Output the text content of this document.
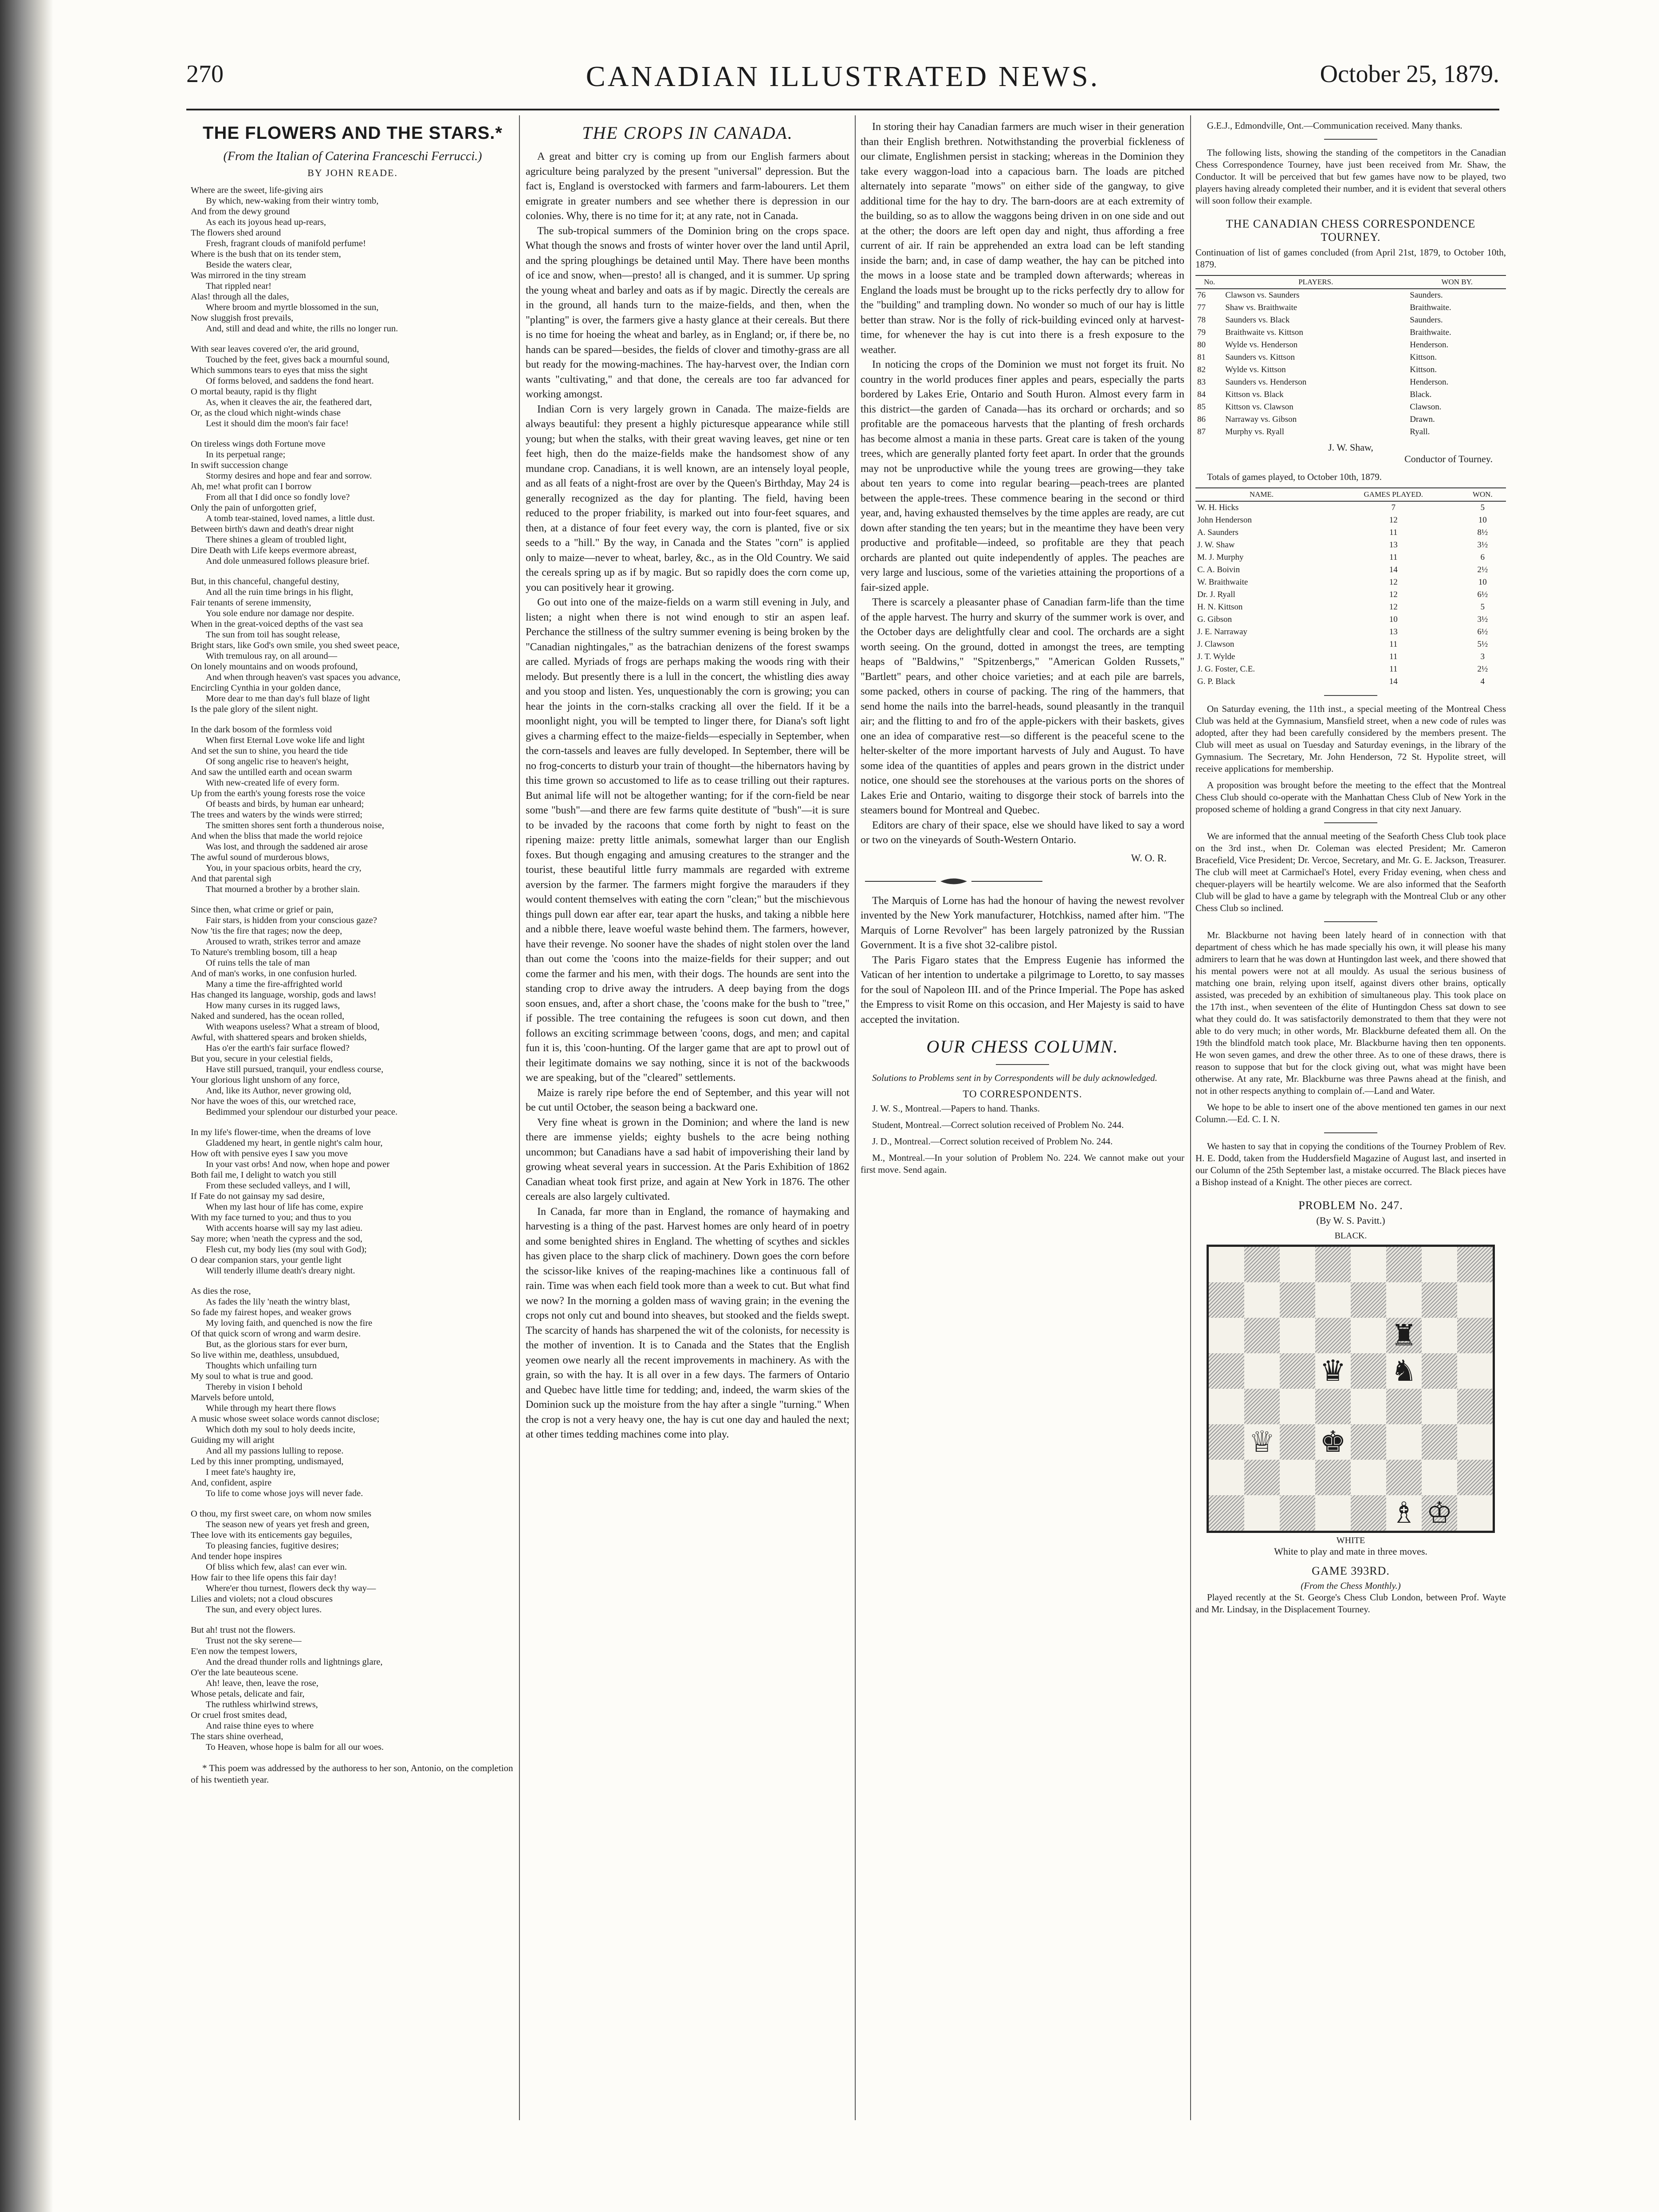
270	CANADIAN ILLUSTRATED NEWS.	October 25, 1879.
THE FLOWERS AND THE STARS.*
(From the Italian of Caterina Franceschi Ferrucci.)
BY JOHN READE.
Where are the sweet, life-giving airs
By which, new-waking from their wintry tomb,
And from the dewy ground
As each its joyous head up-rears,
The flowers shed around
Fresh, fragrant clouds of manifold perfume!
Where is the bush that on its tender stem,
Beside the waters clear,
Was mirrored in the tiny stream
That rippled near!
Alas! through all the dales,
Where broom and myrtle blossomed in the sun,
Now sluggish frost prevails,
And, still and dead and white, the rills no longer run.
With sear leaves covered o'er, the arid ground,
Touched by the feet, gives back a mournful sound,
Which summons tears to eyes that miss the sight
Of forms beloved, and saddens the fond heart.
O mortal beauty, rapid is thy flight
As, when it cleaves the air, the feathered dart,
Or, as the cloud which night-winds chase
Lest it should dim the moon's fair face!
On tireless wings doth Fortune move
In its perpetual range;
In swift succession change
Stormy desires and hope and fear and sorrow.
Ah, me! what profit can I borrow
From all that I did once so fondly love?
Only the pain of unforgotten grief,
A tomb tear-stained, loved names, a little dust.
Between birth's dawn and death's drear night
There shines a gleam of troubled light,
Dire Death with Life keeps evermore abreast,
And dole unmeasured follows pleasure brief.
But, in this chanceful, changeful destiny,
And all the ruin time brings in his flight,
Fair tenants of serene immensity,
You sole endure nor damage nor despite.
When in the great-voiced depths of the vast sea
The sun from toil has sought release,
Bright stars, like God's own smile, you shed sweet peace,
With tremulous ray, on all around—
On lonely mountains and on woods profound,
And when through heaven's vast spaces you advance,
Encircling Cynthia in your golden dance,
More dear to me than day's full blaze of light
Is the pale glory of the silent night.
In the dark bosom of the formless void
When first Eternal Love woke life and light
And set the sun to shine, you heard the tide
Of song angelic rise to heaven's height,
And saw the untilled earth and ocean swarm
With new-created life of every form.
Up from the earth's young forests rose the voice
Of beasts and birds, by human ear unheard;
The trees and waters by the winds were stirred;
The smitten shores sent forth a thunderous noise,
And when the bliss that made the world rejoice
Was lost, and through the saddened air arose
The awful sound of murderous blows,
You, in your spacious orbits, heard the cry,
And that parental sigh
That mourned a brother by a brother slain.
Since then, what crime or grief or pain,
Fair stars, is hidden from your conscious gaze?
Now 'tis the fire that rages; now the deep,
Aroused to wrath, strikes terror and amaze
To Nature's trembling bosom, till a heap
Of ruins tells the tale of man
And of man's works, in one confusion hurled.
Many a time the fire-affrighted world
Has changed its language, worship, gods and laws!
How many curses in its rugged laws,
Naked and sundered, has the ocean rolled,
With weapons useless? What a stream of blood,
Awful, with shattered spears and broken shields,
Has o'er the earth's fair surface flowed?
But you, secure in your celestial fields,
Have still pursued, tranquil, your endless course,
Your glorious light unshorn of any force,
And, like its Author, never growing old,
Nor have the woes of this, our wretched race,
Bedimmed your splendour our disturbed your peace.
In my life's flower-time, when the dreams of love
Gladdened my heart, in gentle night's calm hour,
How oft with pensive eyes I saw you move
In your vast orbs! And now, when hope and power
Both fail me, I delight to watch you still
From these secluded valleys, and I will,
If Fate do not gainsay my sad desire,
When my last hour of life has come, expire
With my face turned to you; and thus to you
With accents hoarse will say my last adieu.
Say more; when 'neath the cypress and the sod,
Flesh cut, my body lies (my soul with God);
O dear companion stars, your gentle light
Will tenderly illume death's dreary night.
As dies the rose,
As fades the lily 'neath the wintry blast,
So fade my fairest hopes, and weaker grows
My loving faith, and quenched is now the fire
Of that quick scorn of wrong and warm desire.
But, as the glorious stars for ever burn,
So live within me, deathless, unsubdued,
Thoughts which unfailing turn
My soul to what is true and good.
Thereby in vision I behold
Marvels before untold,
While through my heart there flows
A music whose sweet solace words cannot disclose;
Which doth my soul to holy deeds incite,
Guiding my will aright
And all my passions lulling to repose.
Led by this inner prompting, undismayed,
I meet fate's haughty ire,
And, confident, aspire
To life to come whose joys will never fade.
O thou, my first sweet care, on whom now smiles
The season new of years yet fresh and green,
Thee love with its enticements gay beguiles,
To pleasing fancies, fugitive desires;
And tender hope inspires
Of bliss which few, alas! can ever win.
How fair to thee life opens this fair day!
Where'er thou turnest, flowers deck thy way—
Lilies and violets; not a cloud obscures
The sun, and every object lures.
But ah! trust not the flowers.
Trust not the sky serene—
E'en now the tempest lowers,
And the dread thunder rolls and lightnings glare,
O'er the late beauteous scene.
Ah! leave, then, leave the rose,
Whose petals, delicate and fair,
The ruthless whirlwind strews,
Or cruel frost smites dead,
And raise thine eyes to where
The stars shine overhead,
To Heaven, whose hope is balm for all our woes.
* This poem was addressed by the authoress to her son, Antonio, on the completion of his twentieth year.
THE CROPS IN CANADA.

A great and bitter cry is coming up from our English farmers about agriculture being paralyzed by the present "universal" depression. But the fact is, England is overstocked with farmers and farm-labourers. Let them emigrate in greater numbers and see whether there is depression in our colonies. Why, there is no time for it; at any rate, not in Canada.

The sub-tropical summers of the Dominion bring on the crops space. What though the snows and frosts of winter hover over the land until April, and the spring ploughings be detained until May. There have been months of ice and snow, when—presto! all is changed, and it is summer. Up spring the young wheat and barley and oats as if by magic. Directly the cereals are in the ground, all hands turn to the maize-fields, and then, when the "planting" is over, the farmers give a hasty glance at their cereals. But there is no time for hoeing the wheat and barley, as in England; or, if there be, no hands can be spared—besides, the fields of clover and timothy-grass are all but ready for the mowing-machines. The hay-harvest over, the Indian corn wants "cultivating," and that done, the cereals are too far advanced for working amongst.

Indian Corn is very largely grown in Canada. The maize-fields are always beautiful: they present a highly picturesque appearance while still young; but when the stalks, with their great waving leaves, get nine or ten feet high, then do the maize-fields make the handsomest show of any mundane crop. Canadians, it is well known, are an intensely loyal people, and as all feats of a night-frost are over by the Queen's Birthday, May 24 is generally recognized as the day for planting. The field, having been reduced to the proper friability, is marked out into four-feet squares, and then, at a distance of four feet every way, the corn is planted, five or six seeds to a "hill." By the way, in Canada and the States "corn" is applied only to maize—never to wheat, barley, &c., as in the Old Country. We said the cereals spring up as if by magic. But so rapidly does the corn come up, you can positively hear it growing.

Go out into one of the maize-fields on a warm still evening in July, and listen; a night when there is not wind enough to stir an aspen leaf. Perchance the stillness of the sultry summer evening is being broken by the "Canadian nightingales," as the batrachian denizens of the forest swamps are called. Myriads of frogs are perhaps making the woods ring with their melody. But presently there is a lull in the concert, the whistling dies away and you stoop and listen. Yes, unquestionably the corn is growing; you can hear the joints in the corn-stalks cracking all over the field. If it be a moonlight night, you will be tempted to linger there, for Diana's soft light gives a charming effect to the maize-fields—especially in September, when the corn-tassels and leaves are fully developed. In September, there will be no frog-concerts to disturb your train of thought—the hibernators having by this time grown so accustomed to life as to cease trilling out their raptures. But animal life will not be altogether wanting; for if the corn-field be near some "bush"—and there are few farms quite destitute of "bush"—it is sure to be invaded by the racoons that come forth by night to feast on the ripening maize: pretty little animals, somewhat larger than our English foxes. But though engaging and amusing creatures to the stranger and the tourist, these beautiful little furry mammals are regarded with extreme aversion by the farmer. The farmers might forgive the marauders if they would content themselves with eating the corn "clean;" but the mischievous things pull down ear after ear, tear apart the husks, and taking a nibble here and a nibble there, leave woeful waste behind them. The farmers, however, have their revenge. No sooner have the shades of night stolen over the land than out come the 'coons into the maize-fields for their supper; and out come the farmer and his men, with their dogs. The hounds are sent into the standing crop to drive away the intruders. A deep baying from the dogs soon ensues, and, after a short chase, the 'coons make for the bush to "tree," if possible. The tree containing the refugees is soon cut down, and then follows an exciting scrimmage between 'coons, dogs, and men; and capital fun it is, this 'coon-hunting. Of the larger game that are apt to prowl out of their legitimate domains we say nothing, since it is not of the backwoods we are speaking, but of the "cleared" settlements.

Maize is rarely ripe before the end of September, and this year will not be cut until October, the season being a backward one.

Very fine wheat is grown in the Dominion; and where the land is new there are immense yields; eighty bushels to the acre being nothing uncommon; but Canadians have a sad habit of impoverishing their land by growing wheat several years in succession. At the Paris Exhibition of 1862 Canadian wheat took first prize, and again at New York in 1876. The other cereals are also largely cultivated.

In Canada, far more than in England, the romance of haymaking and harvesting is a thing of the past. Harvest homes are only heard of in poetry and some benighted shires in England. The whetting of scythes and sickles has given place to the sharp click of machinery. Down goes the corn before the scissor-like knives of the reaping-machines like a continuous fall of rain. Time was when each field took more than a week to cut. But what find we now? In the morning a golden mass of waving grain; in the evening the crops not only cut and bound into sheaves, but stooked and the fields swept. The scarcity of hands has sharpened the wit of the colonists, for necessity is the mother of invention. It is to Canada and the States that the English yeomen owe nearly all the recent improvements in machinery. As with the grain, so with the hay. It is all over in a few days. The farmers of Ontario and Quebec have little time for tedding; and, indeed, the warm skies of the Dominion suck up the moisture from the hay after a single "turning." When the crop is not a very heavy one, the hay is cut one day and hauled the next; at other times tedding machines come into play.

In storing their hay Canadian farmers are much wiser in their generation than their English brethren. Notwithstanding the proverbial fickleness of our climate, Englishmen persist in stacking; whereas in the Dominion they take every waggon-load into a capacious barn. The loads are pitched alternately into separate "mows" on either side of the gangway, to give additional time for the hay to dry. The barn-doors are at each extremity of the building, so as to allow the waggons being driven in on one side and out at the other; the doors are left open day and night, thus affording a free current of air. If rain be apprehended an extra load can be left standing inside the barn; and, in case of damp weather, the hay can be pitched into the mows in a loose state and be trampled down afterwards; whereas in England the loads must be brought up to the ricks perfectly dry to allow for the "building" and trampling down. No wonder so much of our hay is little better than straw. Nor is the folly of rick-building evinced only at harvest-time, for whenever the hay is cut into there is a fresh exposure to the weather.

In noticing the crops of the Dominion we must not forget its fruit. No country in the world produces finer apples and pears, especially the parts bordered by Lakes Erie, Ontario and South Huron. Almost every farm in this district—the garden of Canada—has its orchard or orchards; and so profitable are the pomaceous harvests that the planting of fresh orchards has become almost a mania in these parts. Great care is taken of the young trees, which are generally planted forty feet apart. In order that the grounds may not be unproductive while the young trees are growing—they take about ten years to come into regular bearing—peach-trees are planted between the apple-trees. These commence bearing in the second or third year, and, having exhausted themselves by the time apples are ready, are cut down after standing the ten years; but in the meantime they have been very productive and profitable—indeed, so profitable are they that peach orchards are planted out quite independently of apples. The peaches are very large and luscious, some of the varieties attaining the proportions of a fair-sized apple.

There is scarcely a pleasanter phase of Canadian farm-life than the time of the apple harvest. The hurry and skurry of the summer work is over, and the October days are delightfully clear and cool. The orchards are a sight worth seeing. On the ground, dotted in amongst the trees, are tempting heaps of "Baldwins," "Spitzenbergs," "American Golden Russets," "Bartlett" pears, and other choice varieties; and at each pile are barrels, some packed, others in course of packing. The ring of the hammers, that send home the nails into the barrel-heads, sound pleasantly in the tranquil air; and the flitting to and fro of the apple-pickers with their baskets, gives one an idea of comparative rest—so different is the peaceful scene to the helter-skelter of the more important harvests of July and August. To have some idea of the quantities of apples and pears grown in the district under notice, one should see the storehouses at the various ports on the shores of Lakes Erie and Ontario, waiting to disgorge their stock of barrels into the steamers bound for Montreal and Quebec.

Editors are chary of their space, else we should have liked to say a word or two on the vineyards of South-Western Ontario.

W. O. R.

The Marquis of Lorne has had the honour of having the newest revolver invented by the New York manufacturer, Hotchkiss, named after him. "The Marquis of Lorne Revolver" has been largely patronized by the Russian Government. It is a five shot 32-calibre pistol.

The Paris Figaro states that the Empress Eugenie has informed the Vatican of her intention to undertake a pilgrimage to Loretto, to say masses for the soul of Napoleon III. and of the Prince Imperial. The Pope has asked the Empress to visit Rome on this occasion, and Her Majesty is said to have accepted the invitation.

OUR CHESS COLUMN.

Solutions to Problems sent in by Correspondents will be duly acknowledged.

TO CORRESPONDENTS.

J. W. S., Montreal.—Papers to hand. Thanks.

Student, Montreal.—Correct solution received of Problem No. 244.

J. D., Montreal.—Correct solution received of Problem No. 244.

M., Montreal.—In your solution of Problem No. 224. We cannot make out your first move. Send again.

G.E.J., Edmondville, Ont.—Communication received. Many thanks.

The following lists, showing the standing of the competitors in the Canadian Chess Correspondence Tourney, have just been received from Mr. Shaw, the Conductor. It will be perceived that but few games have now to be played, two players having already completed their number, and it is evident that several others will soon follow their example.

THE CANADIAN CHESS CORRESPONDENCE TOURNEY.

Continuation of list of games concluded (from April 21st, 1879, to October 10th, 1879.

No.	PLAYERS.	WON BY.
76	Clawson vs. Saunders	Saunders.
77	Shaw vs. Braithwaite	Braithwaite.
78	Saunders vs. Black	Saunders.
79	Braithwaite vs. Kittson	Braithwaite.
80	Wylde vs. Henderson	Henderson.
81	Saunders vs. Kittson	Kittson.
82	Wylde vs. Kittson	Kittson.
83	Saunders vs. Henderson	Henderson.
84	Kittson vs. Black	Black.
85	Kittson vs. Clawson	Clawson.
86	Narraway vs. Gibson	Drawn.
87	Murphy vs. Ryall	Ryall.
J. W. Shaw,
Conductor of Tourney.

Totals of games played, to October 10th, 1879.

NAME.	GAMES PLAYED.	WON.
W. H. Hicks	7	5
John Henderson	12	10
A. Saunders	11	8½
J. W. Shaw	13	3½
M. J. Murphy	11	6
C. A. Boivin	14	2½
W. Braithwaite	12	10
Dr. J. Ryall	12	6½
H. N. Kittson	12	5
G. Gibson	10	3½
J. E. Narraway	13	6½
J. Clawson	11	5½
J. T. Wylde	11	3
J. G. Foster, C.E.	11	2½
G. P. Black	14	4

On Saturday evening, the 11th inst., a special meeting of the Montreal Chess Club was held at the Gymnasium, Mansfield street, when a new code of rules was adopted, after they had been carefully considered by the members present. The Club will meet as usual on Tuesday and Saturday evenings, in the library of the Gymnasium. The Secretary, Mr. John Henderson, 72 St. Hypolite street, will receive applications for membership.

A proposition was brought before the meeting to the effect that the Montreal Chess Club should co-operate with the Manhattan Chess Club of New York in the proposed scheme of holding a grand Congress in that city next January.

We are informed that the annual meeting of the Seaforth Chess Club took place on the 3rd inst., when Dr. Coleman was elected President; Mr. Cameron Bracefield, Vice President; Dr. Vercoe, Secretary, and Mr. G. E. Jackson, Treasurer. The club will meet at Carmichael's Hotel, every Friday evening, when chess and chequer-players will be heartily welcome. We are also informed that the Seaforth Club will be glad to have a game by telegraph with the Montreal Club or any other Chess Club so inclined.

Mr. Blackburne not having been lately heard of in connection with that department of chess which he has made specially his own, it will please his many admirers to learn that he was down at Huntingdon last week, and there showed that his mental powers were not at all mouldy. As usual the serious business of matching one brain, relying upon itself, against divers other brains, optically assisted, was preceded by an exhibition of simultaneous play. This took place on the 17th inst., when seventeen of the élite of Huntingdon Chess sat down to see what they could do. It was satisfactorily demonstrated to them that they were not able to do very much; in other words, Mr. Blackburne defeated them all. On the 19th the blindfold match took place, Mr. Blackburne having then ten opponents. He won seven games, and drew the other three. As to one of these draws, there is reason to suppose that but for the clock giving out, what was might have been otherwise. At any rate, Mr. Blackburne was three Pawns ahead at the finish, and not in other respects anything to complain of.—Land and Water.

We hope to be able to insert one of the above mentioned ten games in our next Column.—Ed. C. I. N.

We hasten to say that in copying the conditions of the Tourney Problem of Rev. H. E. Dodd, taken from the Huddersfield Magazine of August last, and inserted in our Column of the 25th September last, a mistake occurred. The Black pieces have a Bishop instead of a Knight. The other pieces are correct.

PROBLEM No. 247.
(By W. S. Pavitt.)
BLACK.
♜
♛ ♞
♕ ♚
♗ ♔
WHITE
White to play and mate in three moves.
GAME 393RD.
(From the Chess Monthly.)

Played recently at the St. George's Chess Club London, between Prof. Wayte and Mr. Lindsay, in the Displacement Tourney.
